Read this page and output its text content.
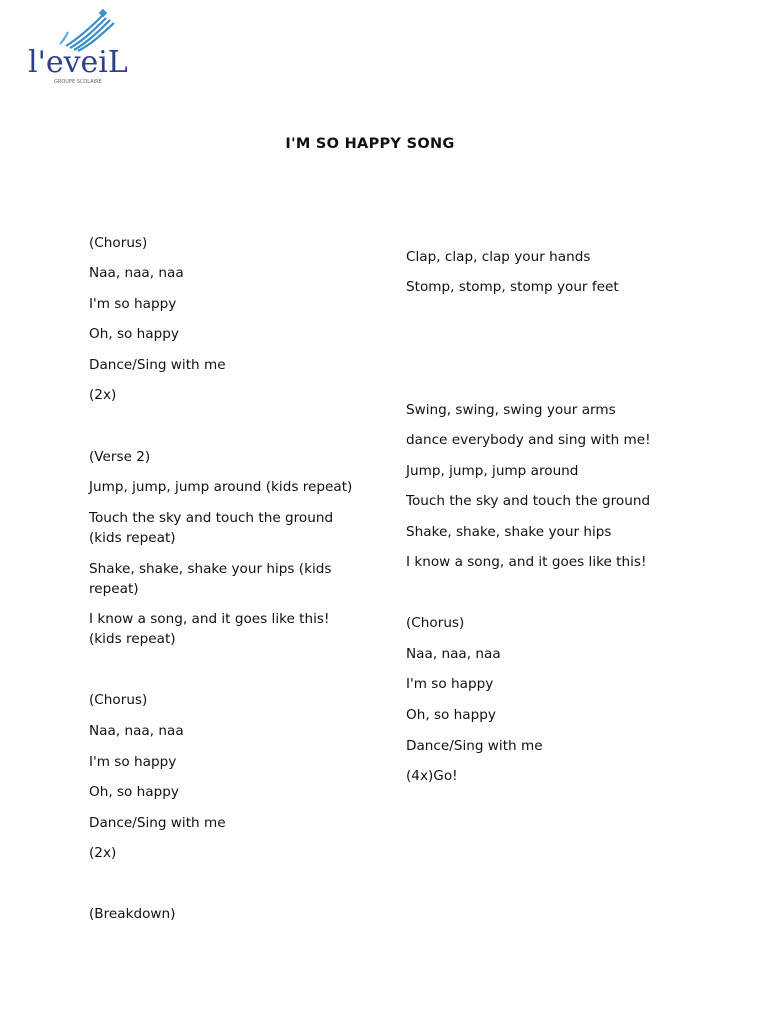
l'eveiL
GROUPE SCOLAIRE
I'M SO HAPPY SONG
(Chorus)
Naa, naa, naa
I'm so happy
Oh, so happy
Dance/Sing with me
(2x)
(Verse 2)
Jump, jump, jump around (kids repeat)
Touch the sky and touch the ground
(kids repeat)
Shake, shake, shake your hips (kids
repeat)
I know a song, and it goes like this!
(kids repeat)
(Chorus)
Naa, naa, naa
I'm so happy
Oh, so happy
Dance/Sing with me
(2x)
(Breakdown)
Clap, clap, clap your hands
Stomp, stomp, stomp your feet
Swing, swing, swing your arms
dance everybody and sing with me!
Jump, jump, jump around
Touch the sky and touch the ground
Shake, shake, shake your hips
I know a song, and it goes like this!
(Chorus)
Naa, naa, naa
I'm so happy
Oh, so happy
Dance/Sing with me
(4x)Go!
